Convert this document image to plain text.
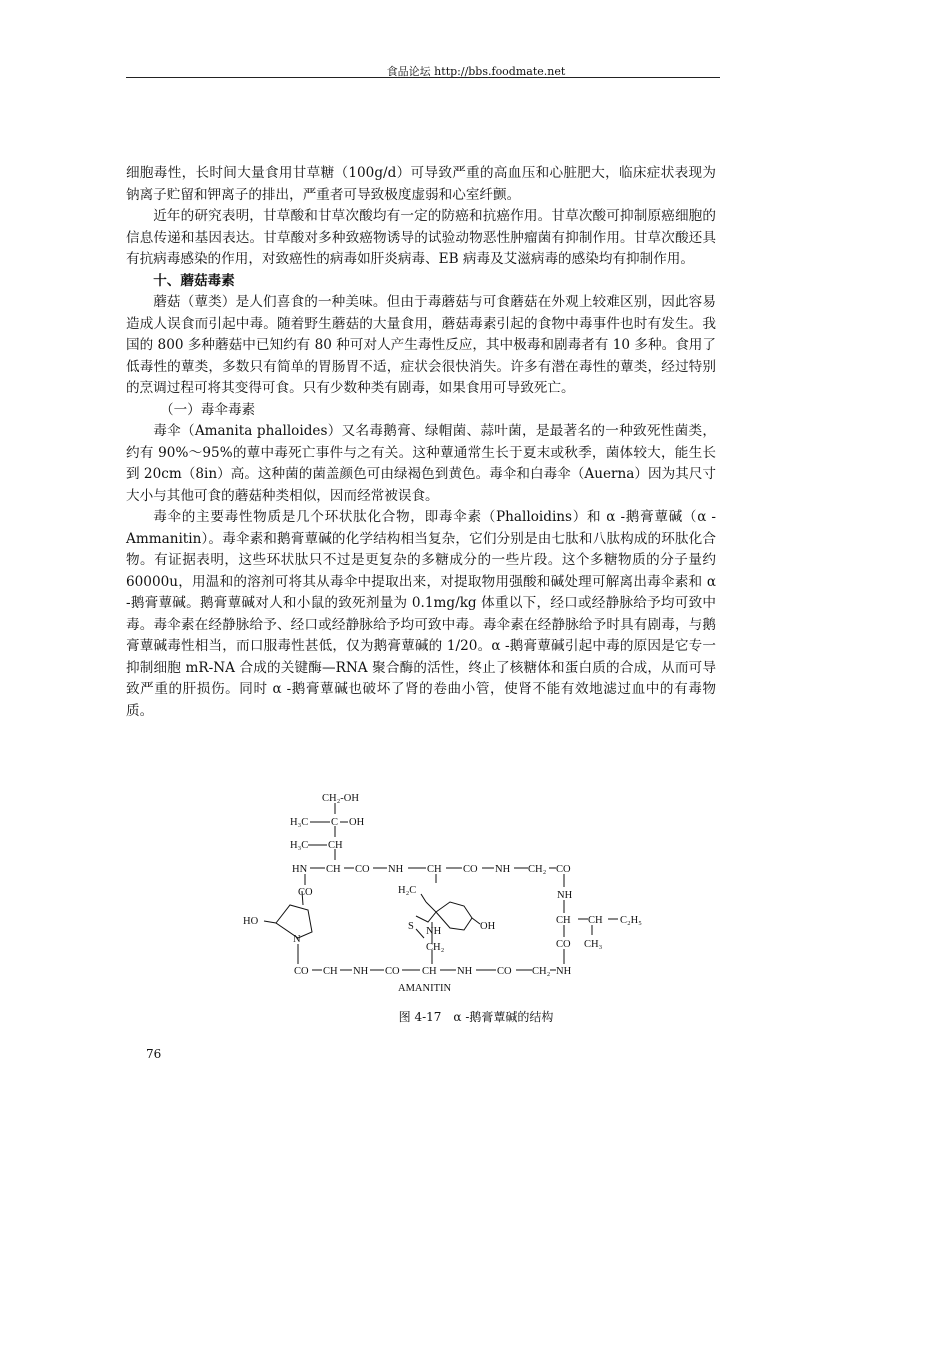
食品论坛 http://bbs.foodmate.net

细胞毒性，长时间大量食用甘草糖（100g/d）可导致严重的高血压和心脏肥大，临床症状表现为钠离子贮留和钾离子的排出，严重者可导致极度虚弱和心室纤颤。

近年的研究表明，甘草酸和甘草次酸均有一定的防癌和抗癌作用。甘草次酸可抑制原癌细胞的信息传递和基因表达。甘草酸对多种致癌物诱导的试验动物恶性肿瘤菌有抑制作用。甘草次酸还具有抗病毒感染的作用，对致癌性的病毒如肝炎病毒、EB 病毒及艾滋病毒的感染均有抑制作用。

十、蘑菇毒素

蘑菇（蕈类）是人们喜食的一种美味。但由于毒蘑菇与可食蘑菇在外观上较难区别，因此容易造成人误食而引起中毒。随着野生蘑菇的大量食用，蘑菇毒素引起的食物中毒事件也时有发生。我国的 800 多种蘑菇中已知约有 80 种可对人产生毒性反应，其中极毒和剧毒者有 10 多种。食用了低毒性的蕈类，多数只有简单的胃肠胃不适，症状会很快消失。许多有潜在毒性的蕈类，经过特别的烹调过程可将其变得可食。只有少数种类有剧毒，如果食用可导致死亡。

（一）毒伞毒素

毒伞（Amanita phalloides）又名毒鹅膏、绿帽菌、蒜叶菌，是最著名的一种致死性菌类，约有 90%～95%的蕈中毒死亡事件与之有关。这种蕈通常生长于夏末或秋季，菌体较大，能生长到 20cm（8in）高。这种菌的菌盖颜色可由绿褐色到黄色。毒伞和白毒伞（Auerna）因为其尺寸大小与其他可食的蘑菇种类相似，因而经常被误食。

毒伞的主要毒性物质是几个环状肽化合物，即毒伞素（Phalloidins）和 α -鹅膏蕈碱（α -Ammanitin）。毒伞素和鹅膏蕈碱的化学结构相当复杂，它们分别是由七肽和八肽构成的环肽化合物。有证据表明，这些环状肽只不过是更复杂的多糖成分的一些片段。这个多糖物质的分子量约 60000u，用温和的溶剂可将其从毒伞中提取出来，对提取物用强酸和碱处理可解离出毒伞素和 α -鹅膏蕈碱。鹅膏蕈碱对人和小鼠的致死剂量为 0.1mg/kg 体重以下，经口或经静脉给予均可致中毒。毒伞素在经静脉给予、经口或经静脉给予均可致中毒。毒伞素在经静脉给予时具有剧毒，与鹅膏蕈碱毒性相当，而口服毒性甚低，仅为鹅膏蕈碱的 1/20。α -鹅膏蕈碱引起中毒的原因是它专一抑制细胞 mR-NA 合成的关键酶—RNA 聚合酶的活性，终止了核糖体和蛋白质的合成，从而可导致严重的肝损伤。同时 α -鹅膏蕈碱也破坏了肾的卷曲小管，使肾不能有效地滤过血中的有毒物质。

CH₂-OH
H₃C C OH
H₃C CH
HN CH CO NH CH CO NH CH₂ CO
CO	H₂C	NH
HO
N
S NH	OH
CH₂
CH CH C₂H₅
CO CH₃
CO CH NH CO CH NH CO CH₂ NH
AMANITIN
图 4-17　α -鹅膏蕈碱的结构
76
